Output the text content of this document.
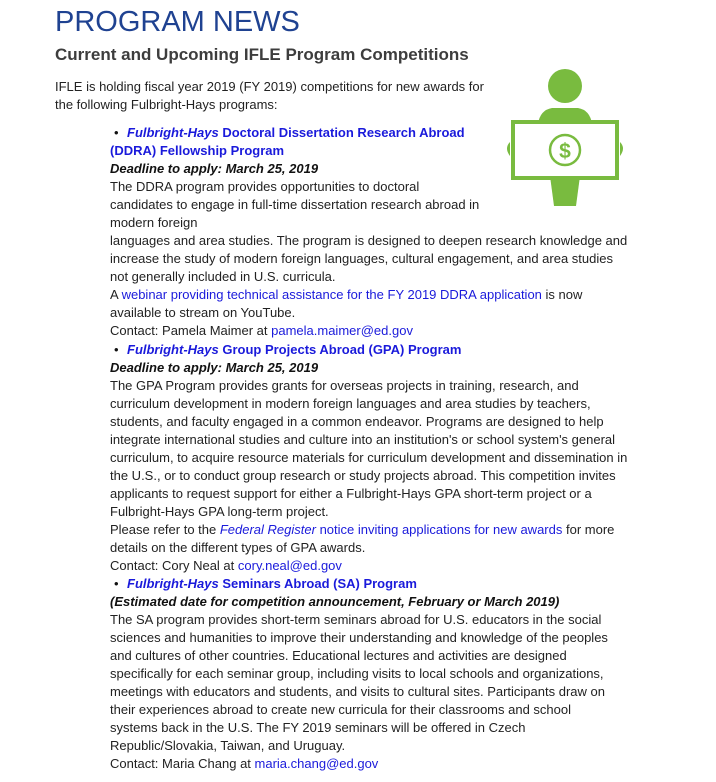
PROGRAM NEWS
Current and Upcoming IFLE Program Competitions

IFLE is holding fiscal year 2019 (FY 2019) competitions for new awards for the following Fulbright-Hays programs:

$
• Fulbright-Hays Doctoral Dissertation Research Abroad (DDRA) Fellowship Program
Deadline to apply: March 25, 2019
The DDRA program provides opportunities to doctoral candidates to engage in full-time dissertation research abroad in modern foreign
languages and area studies. The program is designed to deepen research knowledge and increase the study of modern foreign languages, cultural engagement, and area studies not generally included in U.S. curricula.
A webinar providing technical assistance for the FY 2019 DDRA application is now available to stream on YouTube.
Contact: Pamela Maimer at pamela.maimer@ed.gov
• Fulbright-Hays Group Projects Abroad (GPA) Program
Deadline to apply: March 25, 2019
The GPA Program provides grants for overseas projects in training, research, and curriculum development in modern foreign languages and area studies by teachers, students, and faculty engaged in a common endeavor. Programs are designed to help integrate international studies and culture into an institution's or school system's general curriculum, to acquire resource materials for curriculum development and dissemination in the U.S., or to conduct group research or study projects abroad. This competition invites applicants to request support for either a Fulbright-Hays GPA short-term project or a Fulbright-Hays GPA long-term project.
Please refer to the Federal Register notice inviting applications for new awards for more details on the different types of GPA awards.
Contact: Cory Neal at cory.neal@ed.gov
• Fulbright-Hays Seminars Abroad (SA) Program
(Estimated date for competition announcement, February or March 2019)
The SA program provides short-term seminars abroad for U.S. educators in the social sciences and humanities to improve their understanding and knowledge of the peoples and cultures of other countries. Educational lectures and activities are designed specifically for each seminar group, including visits to local schools and organizations, meetings with educators and students, and visits to cultural sites. Participants draw on their experiences abroad to create new curricula for their classrooms and school systems back in the U.S. The FY 2019 seminars will be offered in Czech Republic/Slovakia, Taiwan, and Uruguay.
Contact: Maria Chang at maria.chang@ed.gov
